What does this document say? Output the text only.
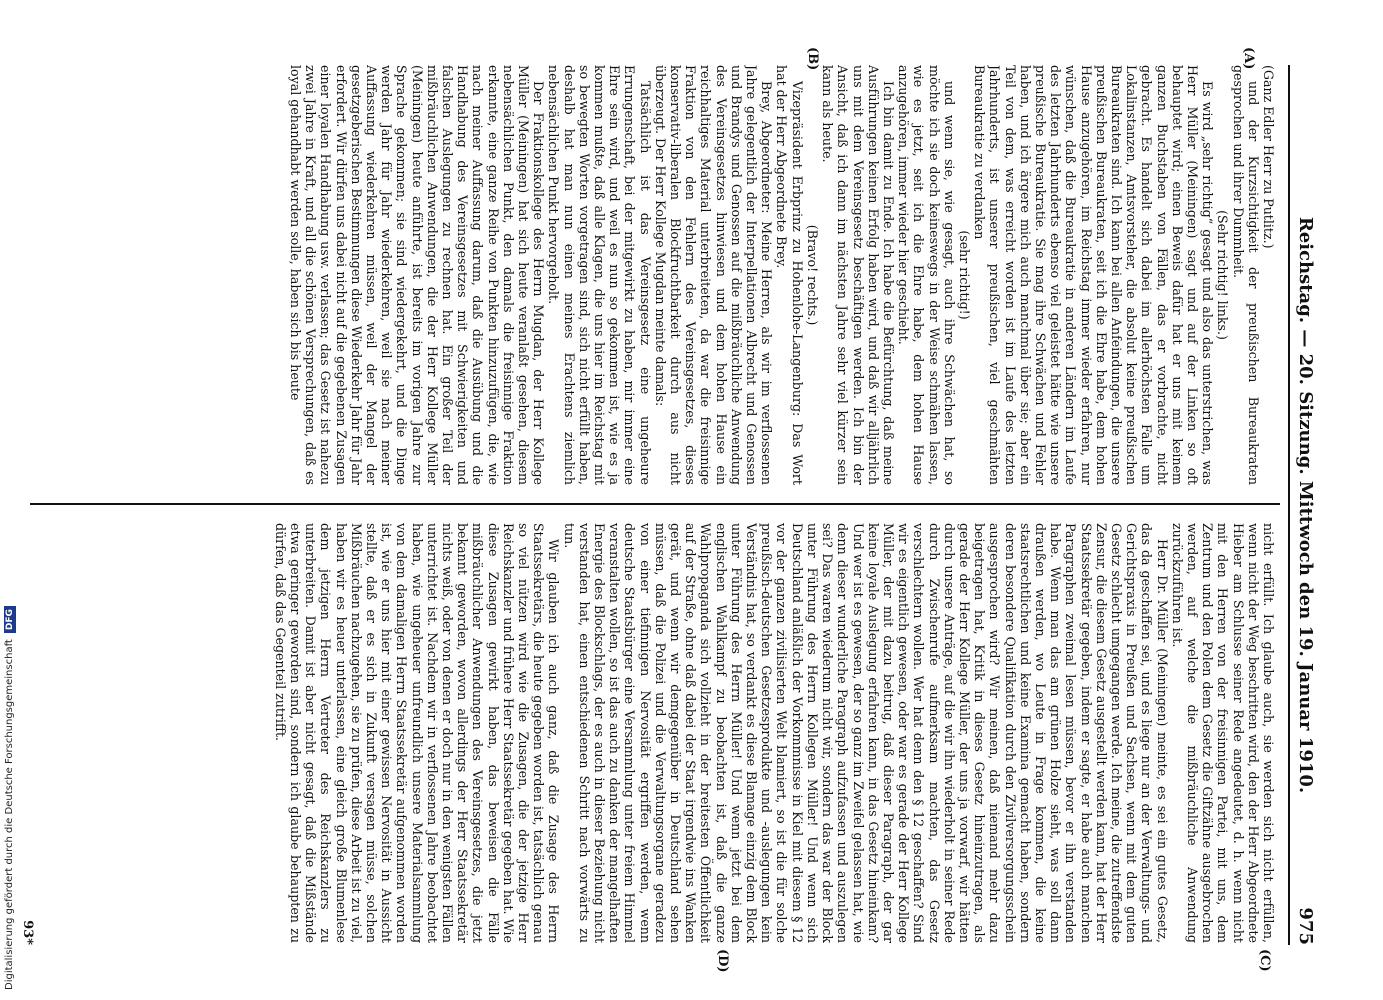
Digitalisierung gefördert durch die Deutsche ForschungsgemeinschaftDFG	Reichstag. — 20. Sitzung. Mittwoch den 19. Januar 1910.
975
(A)
(B)
(C)
(D)

(Ganz Edler Herr zu Putlitz.)

und der Kurzsichtigkeit der preußischen Bureaukraten gesprochen und ihrer Dummheit.

(Sehr richtig! links.)

Es wird „sehr richtig“ gesagt und also das unterstrichen, was Herr Müller (Meiningen) sagt und auf der Linken so oft behauptet wird; einen Beweis dafür hat er uns mit keinem ganzen Buchstaben von Fällen, das er vorbrachte, nicht gebracht. Es handelt sich dabei im allerhöchsten Falle um Lokalinstanzen, Amtsvorsteher, die absolut keine preußischen Bureaukraten sind. Ich kann bei allen Anfeindungen, die unsere preußischen Bureaukraten, seit ich die Ehre habe, dem hohen Hause anzugehören, im Reichstag immer wieder erfahren, nur wünschen, daß die Bureaukratie in anderen Ländern im Laufe des letzten Jahrhunderts ebenso viel geleistet hätte wie unsere preußische Bureaukratie. Sie mag ihre Schwächen und Fehler haben, und ich ärgere mich auch manchmal über sie; aber ein Teil von dem, was erreicht worden ist im Laufe des letzten Jahrhunderts, ist unserer preußischen, viel geschmähten Bureaukratie zu verdanken

(sehr richtig!)

und wenn sie, wie gesagt, auch ihre Schwächen hat, so möchte ich sie doch keineswegs in der Weise schmähen lassen, wie es jetzt, seit ich die Ehre habe, dem hohen Hause anzugehören, immer wieder hier geschieht.

Ich bin damit zu Ende. Ich habe die Befürchtung, daß meine Ausführungen keinen Erfolg haben wird, und daß wir alljährlich uns mit dem Vereinsgesetz beschäftigen werden. Ich bin der Ansicht, daß ich dann im nächsten Jahre sehr viel kürzer sein kann als heute.

(Bravo! rechts.)

Vizepräsident Erbprinz zu Hohenlohe-Langenburg: Das Wort hat der Herr Abgeordnete Brey.

Brey, Abgeordneter: Meine Herren, als wir im verflossenen Jahre gelegentlich der Interpellationen Albrecht und Genossen und Brandys und Genossen auf die mißbräuchliche Anwendung des Vereinsgesetzes hinwiesen und dem hohen Hause ein reichhaltiges Material unterbreiteten, da war die freisinnige Fraktion von den Fehlern des Vereinsgesetzes, dieses konservativ-liberalen Blockfruchtbarkeit durch aus nicht überzeugt. Der Herr Kollege Mugdan meinte damals:

Tatsächlich ist das Vereinsgesetz eine ungeheure Errungenschaft, bei der mitgewirkt zu haben, mir immer eine Ehre sein wird, und weil es nun so gekommen ist, wie es ja kommen mußte, daß alle Klagen, die uns hier im Reichstag mit so bewegten Worten vorgetragen sind, sich nicht erfüllt haben, deshalb hat man nun einen meines Erachtens ziemlich nebensächlichen Punkt hervorgeholt.

Der Fraktionskollege des Herrn Mugdan, der Herr Kollege Müller (Meiningen) hat sich heute veranlaßt gesehen, diesem nebensächlichen Punkt, den damals die freisinnige Fraktion erkannte, eine ganze Reihe von Punkten hinzuzufügen, die, wie nach meiner Auffassung darum, daß die Ausübung und die Handhabung des Vereinsgesetzes mit Schwierigkeiten und falschen Auslegungen zu rechnen hat. Ein großer Teil der mißbräuchlichen Anwendungen, die der Herr Kollege Müller (Meiningen) heute anführte, ist bereits im vorigen Jahre zur Sprache gekommen; sie sind wiedergekehrt, und die Dinge werden Jahr für Jahr wiederkehren, weil sie nach meiner Auffassung wiederkehren müssen, weil der Mangel der gesetzgeberischen Bestimmungen diese Wiederkehr Jahr für Jahr erfordert. Wir dürfen uns dabei nicht auf die gegebenen Zusagen einer loyalen Handhabung usw. verlassen; das Gesetz ist nahezu zwei Jahre in Kraft, und all die schönen Versprechungen, daß es loyal gehandhabt werden solle, haben sich bis heute

nicht erfüllt. Ich glaube auch, sie werden sich nicht erfüllen, wenn nicht der Weg beschritten wird, den der Herr Abgeordnete Hieber am Schlusse seiner Rede angedeutet, d. h. wenn nicht mit den Herren von der freisinnigen Partei, mit uns, dem Zentrum und den Polen dem Gesetz die Giftzähne ausgebrochen werden, auf welche die mißbräuchliche Anwendung zurückzuführen ist.

Herr Dr. Müller (Meiningen) meinte, es sei ein gutes Gesetz, das da geschaffen sei, und es liege nur an der Verwaltungs- und Gerichtspraxis in Preußen und Sachsen, wenn mit dem guten Gesetz schlecht umgegangen werde. Ich meine, die zutreffendste Zensur, die diesem Gesetz ausgestellt werden kann, hat der Herr Staatssekretär gegeben, indem er sagte, er habe auch manchen Paragraphen zweimal lesen müssen, bevor er ihn verstanden habe. Wenn man das am grünen Holze sieht, was soll dann draußen werden, wo Leute in Frage kommen, die keine staatsrechtlichen und keine Examina gemacht haben, sondern deren besondere Qualifikation durch den Zivilversorgungsschein ausgesprochen wird? Wir meinen, daß niemand mehr dazu beigetragen hat, Kritik in dieses Gesetz hineinzutragen, als gerade der Herr Kollege Müller, der uns ja vorwarf, wir hätten durch unsere Anträge, auf die wir ihn wiederholt in seiner Rede durch Zwischenrufe aufmerksam machten, das Gesetz verschlechtern wollen. Wer hat denn den § 12 geschaffen? Sind wir es eigentlich gewesen, oder war es gerade der Herr Kollege Müller, der mit dazu beitrug, daß dieser Paragraph, der gar keine loyale Auslegung erfahren kann, in das Gesetz hineinkam? Und wer ist es gewesen, der so ganz im Zweifel gelassen hat, wie denn dieser wunderliche Paragraph aufzufassen und auszulegen sei? Das waren wiederum nicht wir, sondern das war der Block unter Führung des Herrn Kollegen Müller! Und wenn sich Deutschland anläßlich der Vorkommnisse in Kiel mit diesem § 12 vor der ganzen zivilisierten Welt blamiert, so ist die für solche preußisch-deutschen Gesetzesprodukte und -auslegungen kein Verständnis hat, so verdankt es diese Blamage einzig dem Block unter Führung des Herrn Müller! Und wenn jetzt bei dem englischen Wahlkampf zu beobachten ist, daß die ganze Wahlpropaganda sich vollzieht in der breitesten Öffentlichkeit auf der Straße, ohne daß dabei der Staat irgendwie ins Wanken gerät, und wenn wir demgegenüber in Deutschland sehen müssen, daß die Polizei und die Verwaltungsorgane geradezu von einer tiefinnigen Nervosität ergriffen werden, wenn deutsche Staatsbürger eine Versammlung unter freiem Himmel veranstalten wollen, so ist das auch zu danken der mangelhaften Energie des Blockschlags, der es auch in dieser Beziehung nicht verstanden hat, einen entschiedenen Schritt nach vorwärts zu tun.

Wir glauben ich auch ganz, daß die Zusage des Herrn Staatssekretärs, die heute gegeben worden ist, tatsächlich genau so viel nützen wird wie die Zusagen, die der jetzige Herr Reichskanzler und frühere Herr Staatssekretär gegeben hat. Wie diese Zusagen gewirkt haben, das beweisen die Fälle mißbräuchlicher Anwendungen des Vereinsgesetzes, die jetzt bekannt geworden, wovon allerdings der Herr Staatssekretär nichts weiß, oder von denen er doch nur in den wenigsten Fällen unterrichtet ist. Nachdem wir in verflossenen Jahre beobachtet haben, wie ungeheuer unfreundlich unsere Materialsammlung von dem damaligen Herrn Staatssekretär aufgenommen worden ist, wie er uns hier mit einer gewissen Nervosität in Aussicht stellte, daß er es sich in Zukunft versagen müsse, solchen Mißbräuchen nachzugehen, sie zu prüfen, diese Arbeit ist zu viel, haben wir es heuer unterlassen, eine gleich große Blumenlese dem jetzigen Herrn Vertreter des Reichskanzlers zu unterbreiten. Damit ist aber nicht gesagt, daß die Mißstände etwa geringer geworden sind, sondern ich glaube behaupten zu dürfen, daß das Gegenteil zutrifft.

93*
